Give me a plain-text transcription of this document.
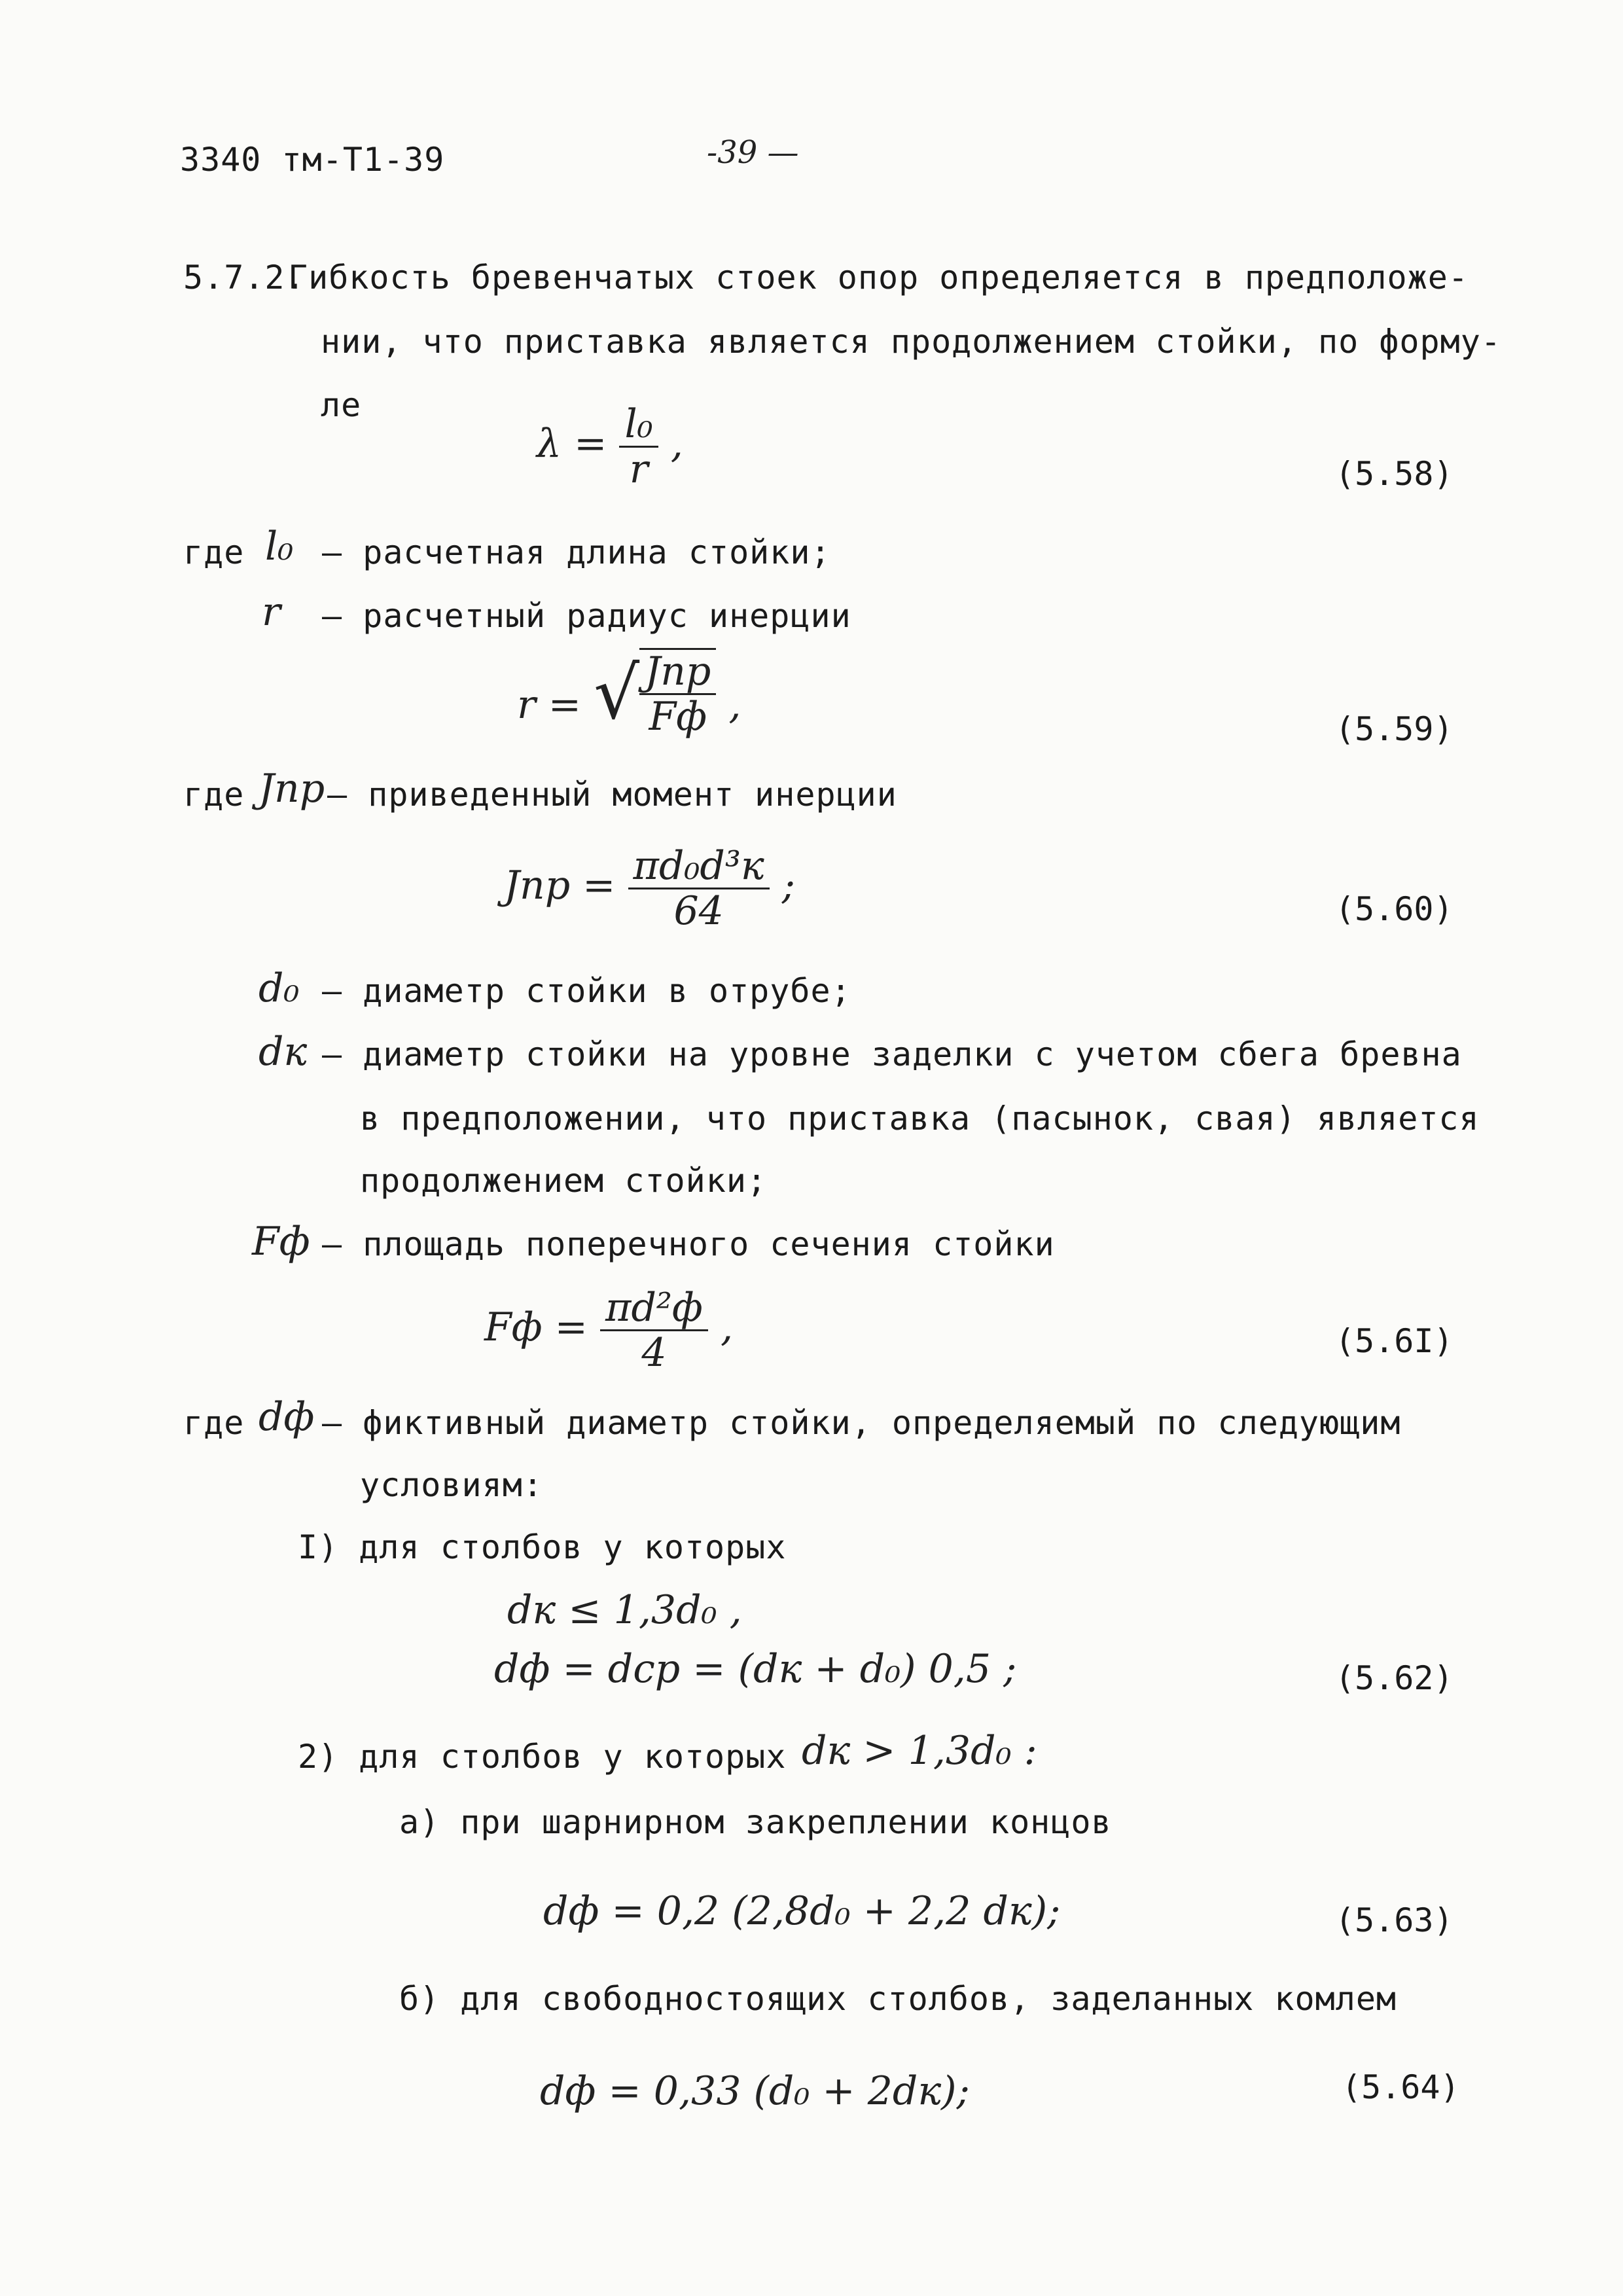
3340 тм-Т1-39	-39 —
5.7.2.
Гибкость бревенчатых стоек опор определяется в предположе-
нии, что приставка является продолжением стойки, по форму-
ле
$\lambda = \frac{\text{l₀}}{r}$ ,
(5.58)
где l₀ — расчетная длина стойки;
r — расчетный радиус инерции
r = √ $\frac{\text{Jпр}}{Fф}$ ,
(5.59)
где Jпр — приведенный момент инерции
Jпр = $\frac{\text{πd₀d³к}}{64}$ ;
(5.60)
d₀ — диаметр стойки в отрубе;
dк — диаметр стойки на уровне заделки с учетом сбега бревна
в предположении, что приставка (пасынок, свая) является
продолжением стойки;
Fф — площадь поперечного сечения стойки
Fф = $\frac{\text{πd²ф}}{4}$ ,	(5.6I)
где dф — фиктивный диаметр стойки, определяемый по следующим
условиям:
I) для столбов у которых
dк ≤ 1,3d₀ ,
dф = dср = (dк + d₀) 0,5 ;	(5.62)
2) для столбов у которых dк > 1,3d₀ :
а) при шарнирном закреплении концов
dф = 0,2 (2,8d₀ + 2,2 dк);	(5.63)
б) для свободностоящих столбов, заделанных комлем
dф = 0,33 (d₀ + 2dк);	(5.64)
